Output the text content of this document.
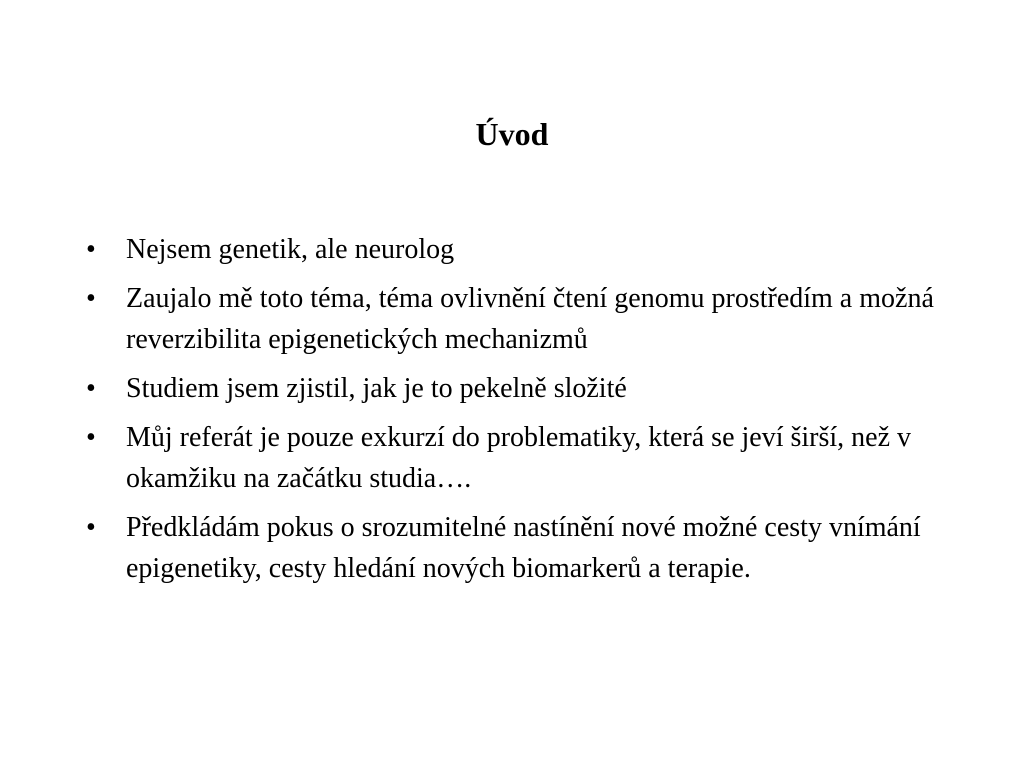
Úvod
•	Nejsem genetik, ale neurolog
•	Zaujalo mě toto téma, téma ovlivnění čtení genomu prostředím a možná reverzibilita epigenetických mechanizmů
•	Studiem jsem zjistil, jak je to pekelně složité
•	Můj referát je pouze exkurzí do problematiky, která se jeví širší, než v okamžiku na začátku studia….
•	Předkládám pokus o srozumitelné nastínění nové možné cesty vnímání epigenetiky, cesty hledání nových biomarkerů a terapie.
